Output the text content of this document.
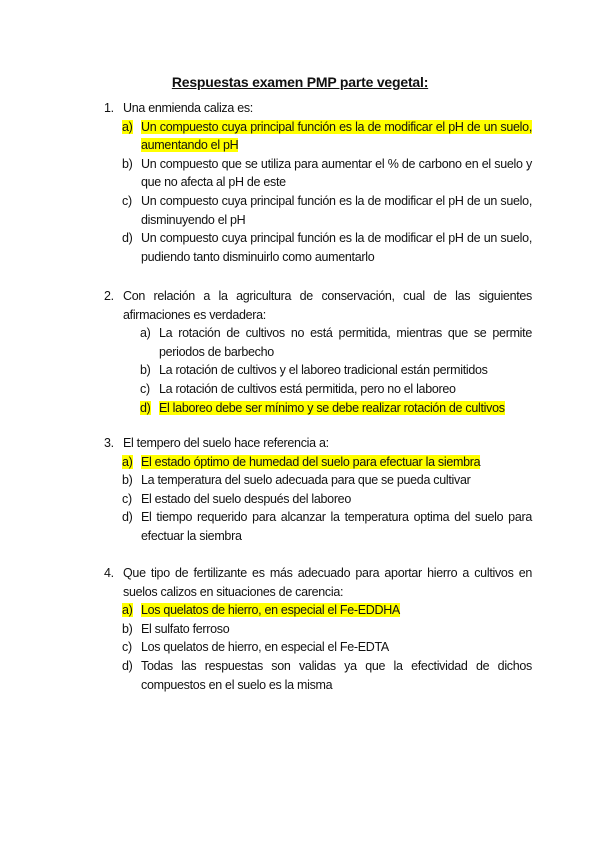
Respuestas examen PMP parte vegetal:
1. Una enmienda caliza es:
a) Un compuesto cuya principal función es la de modificar el pH de un suelo, aumentando el pH
b) Un compuesto que se utiliza para aumentar el % de carbono en el suelo y que no afecta al pH de este
c) Un compuesto cuya principal función es la de modificar el pH de un suelo, disminuyendo el pH
d) Un compuesto cuya principal función es la de modificar el pH de un suelo, pudiendo tanto disminuirlo como aumentarlo
2. Con relación a la agricultura de conservación, cual de las siguientes afirmaciones es verdadera:
a) La rotación de cultivos no está permitida, mientras que se permite periodos de barbecho
b) La rotación de cultivos y el laboreo tradicional están permitidos
c) La rotación de cultivos está permitida, pero no el laboreo
d) El laboreo debe ser mínimo y se debe realizar rotación de cultivos
3. El tempero del suelo hace referencia a:
a) El estado óptimo de humedad del suelo para efectuar la siembra
b) La temperatura del suelo adecuada para que se pueda cultivar
c) El estado del suelo después del laboreo
d) El tiempo requerido para alcanzar la temperatura optima del suelo para efectuar la siembra
4. Que tipo de fertilizante es más adecuado para aportar hierro a cultivos en suelos calizos en situaciones de carencia:
a) Los quelatos de hierro, en especial el Fe-EDDHA
b) El sulfato ferroso
c) Los quelatos de hierro, en especial el Fe-EDTA
d) Todas las respuestas son validas ya que la efectividad de dichos compuestos en el suelo es la misma
